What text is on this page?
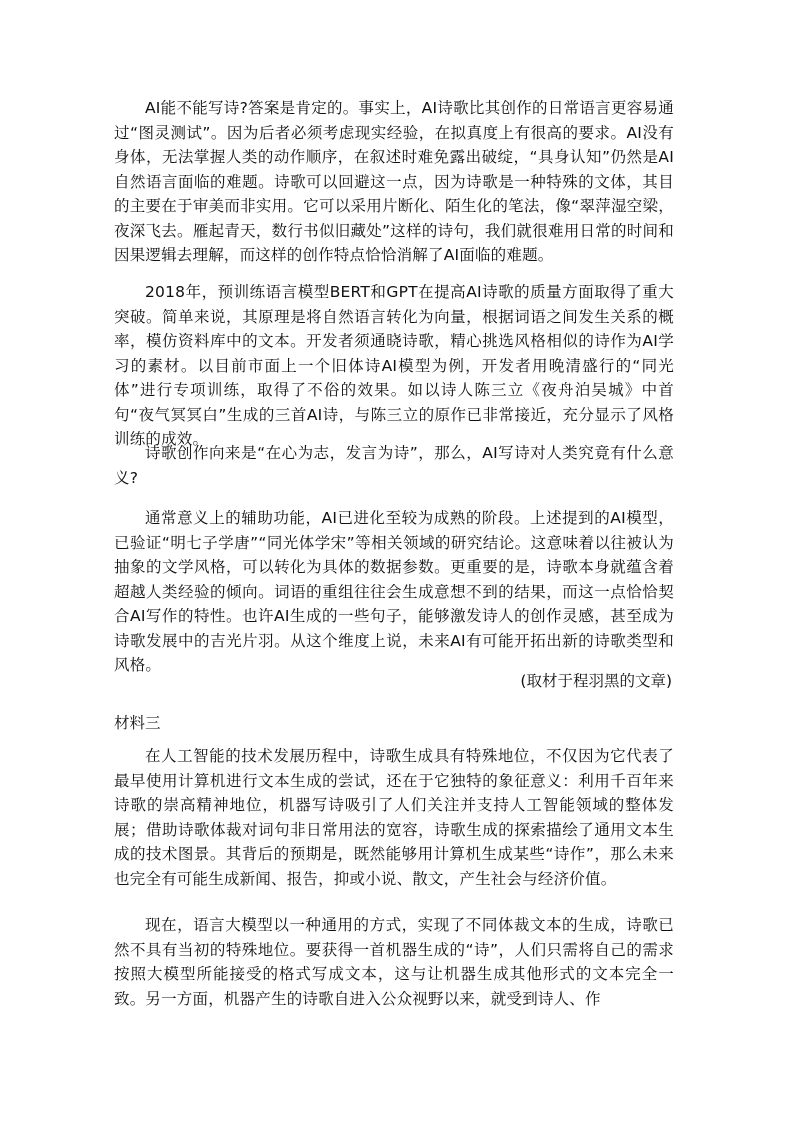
AI能不能写诗?答案是肯定的。事实上，AI诗歌比其创作的日常语言更容易通过“图灵测试”。因为后者必须考虑现实经验，在拟真度上有很高的要求。AI没有身体，无法掌握人类的动作顺序，在叙述时难免露出破绽，“具身认知”仍然是AI自然语言面临的难题。诗歌可以回避这一点，因为诗歌是一种特殊的文体，其目的主要在于审美而非实用。它可以采用片断化、陌生化的笔法，像“翠萍湿空梁，夜深飞去。雁起青天，数行书似旧藏处”这样的诗句，我们就很难用日常的时间和因果逻辑去理解，而这样的创作特点恰恰消解了AI面临的难题。

2018年，预训练语言模型BERT和GPT在提高AI诗歌的质量方面取得了重大突破。简单来说，其原理是将自然语言转化为向量，根据词语之间发生关系的概率，模仿资料库中的文本。开发者须通晓诗歌，精心挑选风格相似的诗作为AI学习的素材。以目前市面上一个旧体诗AI模型为例，开发者用晚清盛行的“同光体”进行专项训练，取得了不俗的效果。如以诗人陈三立《夜舟泊吴城》中首句“夜气冥冥白”生成的三首AI诗，与陈三立的原作已非常接近，充分显示了风格训练的成效。

诗歌创作向来是“在心为志，发言为诗”，那么，AI写诗对人类究竟有什么意义?

通常意义上的辅助功能，AI已进化至较为成熟的阶段。上述提到的AI模型，已验证“明七子学唐”“同光体学宋”等相关领域的研究结论。这意味着以往被认为抽象的文学风格，可以转化为具体的数据参数。更重要的是，诗歌本身就蕴含着超越人类经验的倾向。词语的重组往往会生成意想不到的结果，而这一点恰恰契合AI写作的特性。也许AI生成的一些句子，能够激发诗人的创作灵感，甚至成为诗歌发展中的吉光片羽。从这个维度上说，未来AI有可能开拓出新的诗歌类型和风格。

(取材于程羽黑的文章)

材料三

在人工智能的技术发展历程中，诗歌生成具有特殊地位，不仅因为它代表了最早使用计算机进行文本生成的尝试，还在于它独特的象征意义：利用千百年来诗歌的崇高精神地位，机器写诗吸引了人们关注并支持人工智能领域的整体发展；借助诗歌体裁对词句非日常用法的宽容，诗歌生成的探索描绘了通用文本生成的技术图景。其背后的预期是，既然能够用计算机生成某些“诗作”，那么未来也完全有可能生成新闻、报告，抑或小说、散文，产生社会与经济价值。

现在，语言大模型以一种通用的方式，实现了不同体裁文本的生成，诗歌已然不具有当初的特殊地位。要获得一首机器生成的“诗”，人们只需将自己的需求按照大模型所能接受的格式写成文本，这与让机器生成其他形式的文本完全一致。另一方面，机器产生的诗歌自进入公众视野以来，就受到诗人、作
